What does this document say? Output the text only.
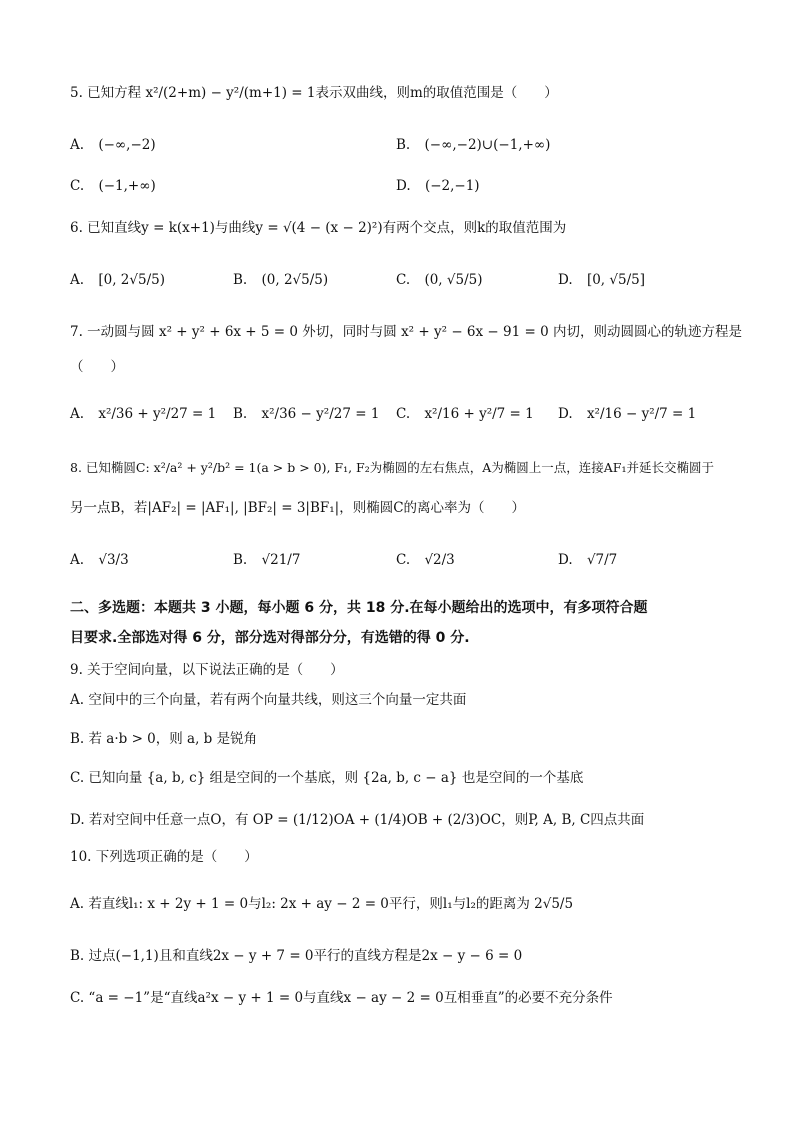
5. 已知方程 x²/(2+m) − y²/(m+1) = 1表示双曲线，则m的取值范围是（　　）
A. (−∞,−2)	B. (−∞,−2)∪(−1,+∞)
C. (−1,+∞)	D. (−2,−1)
6. 已知直线y = k(x+1)与曲线y = √(4 − (x − 2)²)有两个交点，则k的取值范围为
A. [0, 2√5/5)	B. (0, 2√5/5)	C. (0, √5/5)	D. [0, √5/5]
7. 一动圆与圆 x² + y² + 6x + 5 = 0 外切，同时与圆 x² + y² − 6x − 91 = 0 内切，则动圆圆心的轨迹方程是
（　　）
A. x²/36 + y²/27 = 1 B. x²/36 − y²/27 = 1 C. x²/16 + y²/7 = 1 D. x²/16 − y²/7 = 1
8. 已知椭圆C: x²/a² + y²/b² = 1(a > b > 0), F₁, F₂为椭圆的左右焦点，A为椭圆上一点，连接AF₁并延长交椭圆于
另一点B，若|AF₂| = |AF₁|, |BF₂| = 3|BF₁|，则椭圆C的离心率为（　　）
A. √3/3	B. √21/7	C. √2/3	D. √7/7
二、多选题：本题共 3 小题，每小题 6 分，共 18 分.在每小题给出的选项中，有多项符合题
目要求.全部选对得 6 分，部分选对得部分分，有选错的得 0 分.
9. 关于空间向量，以下说法正确的是（　　）
A. 空间中的三个向量，若有两个向量共线，则这三个向量一定共面
B. 若 a·b > 0，则 a, b 是锐角
C. 已知向量 {a, b, c} 组是空间的一个基底，则 {2a, b, c − a} 也是空间的一个基底
D. 若对空间中任意一点O，有 OP = (1/12)OA + (1/4)OB + (2/3)OC，则P, A, B, C四点共面
10. 下列选项正确的是（　　）
A. 若直线l₁: x + 2y + 1 = 0与l₂: 2x + ay − 2 = 0平行，则l₁与l₂的距离为 2√5/5
B. 过点(−1,1)且和直线2x − y + 7 = 0平行的直线方程是2x − y − 6 = 0
C. “a = −1”是“直线a²x − y + 1 = 0与直线x − ay − 2 = 0互相垂直”的必要不充分条件
